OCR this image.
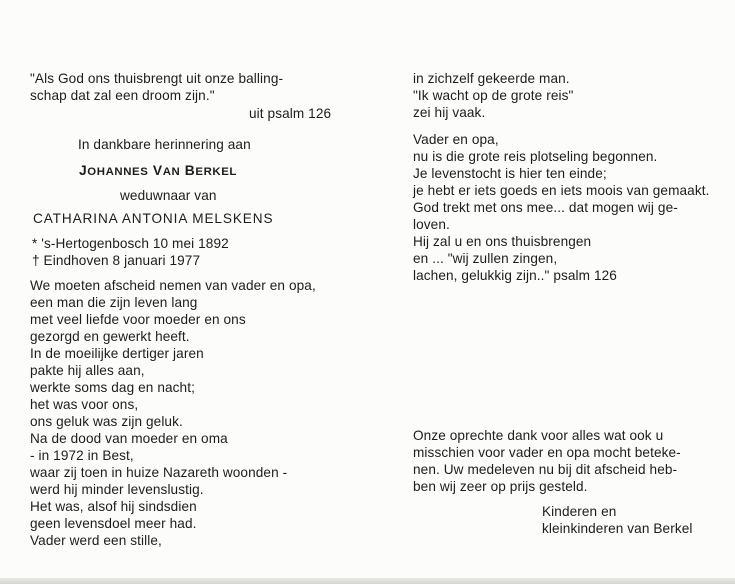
"Als God ons thuisbrengt uit onze balling-
schap dat zal een droom zijn."
uit psalm 126
In dankbare herinnering aan
JOHANNES VAN BERKEL
weduwnaar van
CATHARINA ANTONIA MELSKENS
* 's-Hertogenbosch 10 mei 1892
† Eindhoven 8 januari 1977
We moeten afscheid nemen van vader en opa,
een man die zijn leven lang
met veel liefde voor moeder en ons
gezorgd en gewerkt heeft.
In de moeilijke dertiger jaren
pakte hij alles aan,
werkte soms dag en nacht;
het was voor ons,
ons geluk was zijn geluk.
Na de dood van moeder en oma
- in 1972 in Best,
waar zij toen in huize Nazareth woonden -
werd hij minder levenslustig.
Het was, alsof hij sindsdien
geen levensdoel meer had.
Vader werd een stille,
in zichzelf gekeerde man.
"Ik wacht op de grote reis"
zei hij vaak.
Vader en opa,
nu is die grote reis plotseling begonnen.
Je levenstocht is hier ten einde;
je hebt er iets goeds en iets moois van gemaakt.
God trekt met ons mee... dat mogen wij ge-
loven.
Hij zal u en ons thuisbrengen
en ... "wij zullen zingen,
lachen, gelukkig zijn.." psalm 126
Onze oprechte dank voor alles wat ook u
misschien voor vader en opa mocht beteke-
nen. Uw medeleven nu bij dit afscheid heb-
ben wij zeer op prijs gesteld.
Kinderen en
kleinkinderen van Berkel
